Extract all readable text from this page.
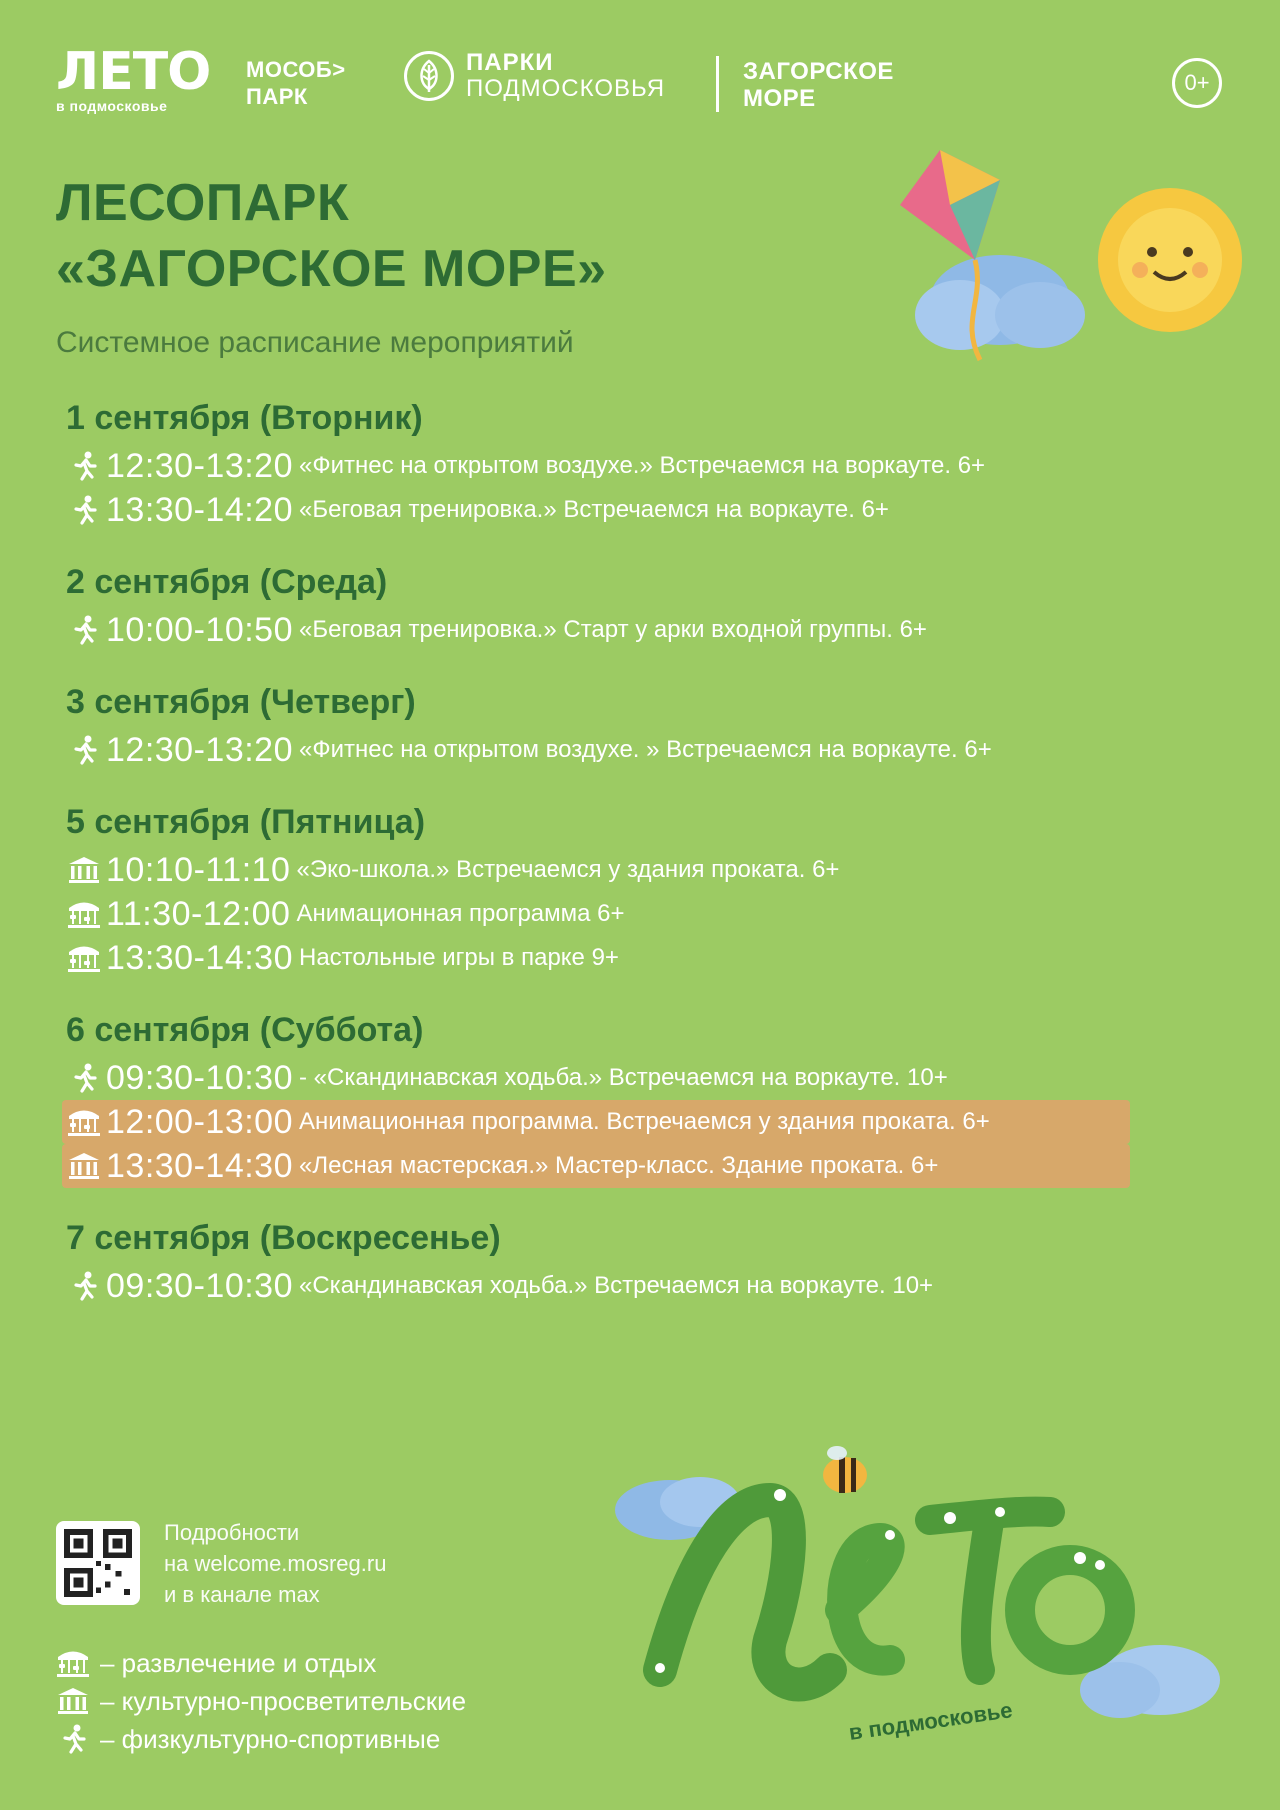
ЛЕТО
в подмосковье
МОСОБ>
ПАРК
ПАРКИ
ПОДМОСКОВЬЯ
ЗАГОРСКОЕ
МОРЕ
0+
ЛЕСОПАРК
«ЗАГОРСКОЕ МОРЕ»
Системное расписание мероприятий
1 сентября (Вторник)
12:30-13:20 «Фитнес на открытом воздухе.» Встречаемся на воркауте. 6+
13:30-14:20 «Беговая тренировка.» Встречаемся на воркауте. 6+
2 сентября (Среда)
10:00-10:50 «Беговая тренировка.» Старт у арки входной группы. 6+
3 сентября (Четверг)
12:30-13:20 «Фитнес на открытом воздухе. » Встречаемся на воркауте. 6+
5 сентября (Пятница)
10:10-11:10 «Эко-школа.» Встречаемся у здания проката. 6+
11:30-12:00 Анимационная программа 6+
13:30-14:30 Настольные игры в парке 9+
6 сентября (Суббота)
09:30-10:30 - «Скандинавская ходьба.» Встречаемся на воркауте. 10+
12:00-13:00 Анимационная программа. Встречаемся у здания проката. 6+
13:30-14:30 «Лесная мастерская.» Мастер-класс. Здание проката. 6+
7 сентября (Воскресенье)
09:30-10:30 «Скандинавская ходьба.» Встречаемся на воркауте. 10+
Подробности
на welcome.mosreg.ru
и в канале max
– развлечение и отдых
– культурно-просветительские
– физкультурно-спортивные	в подмосковье
